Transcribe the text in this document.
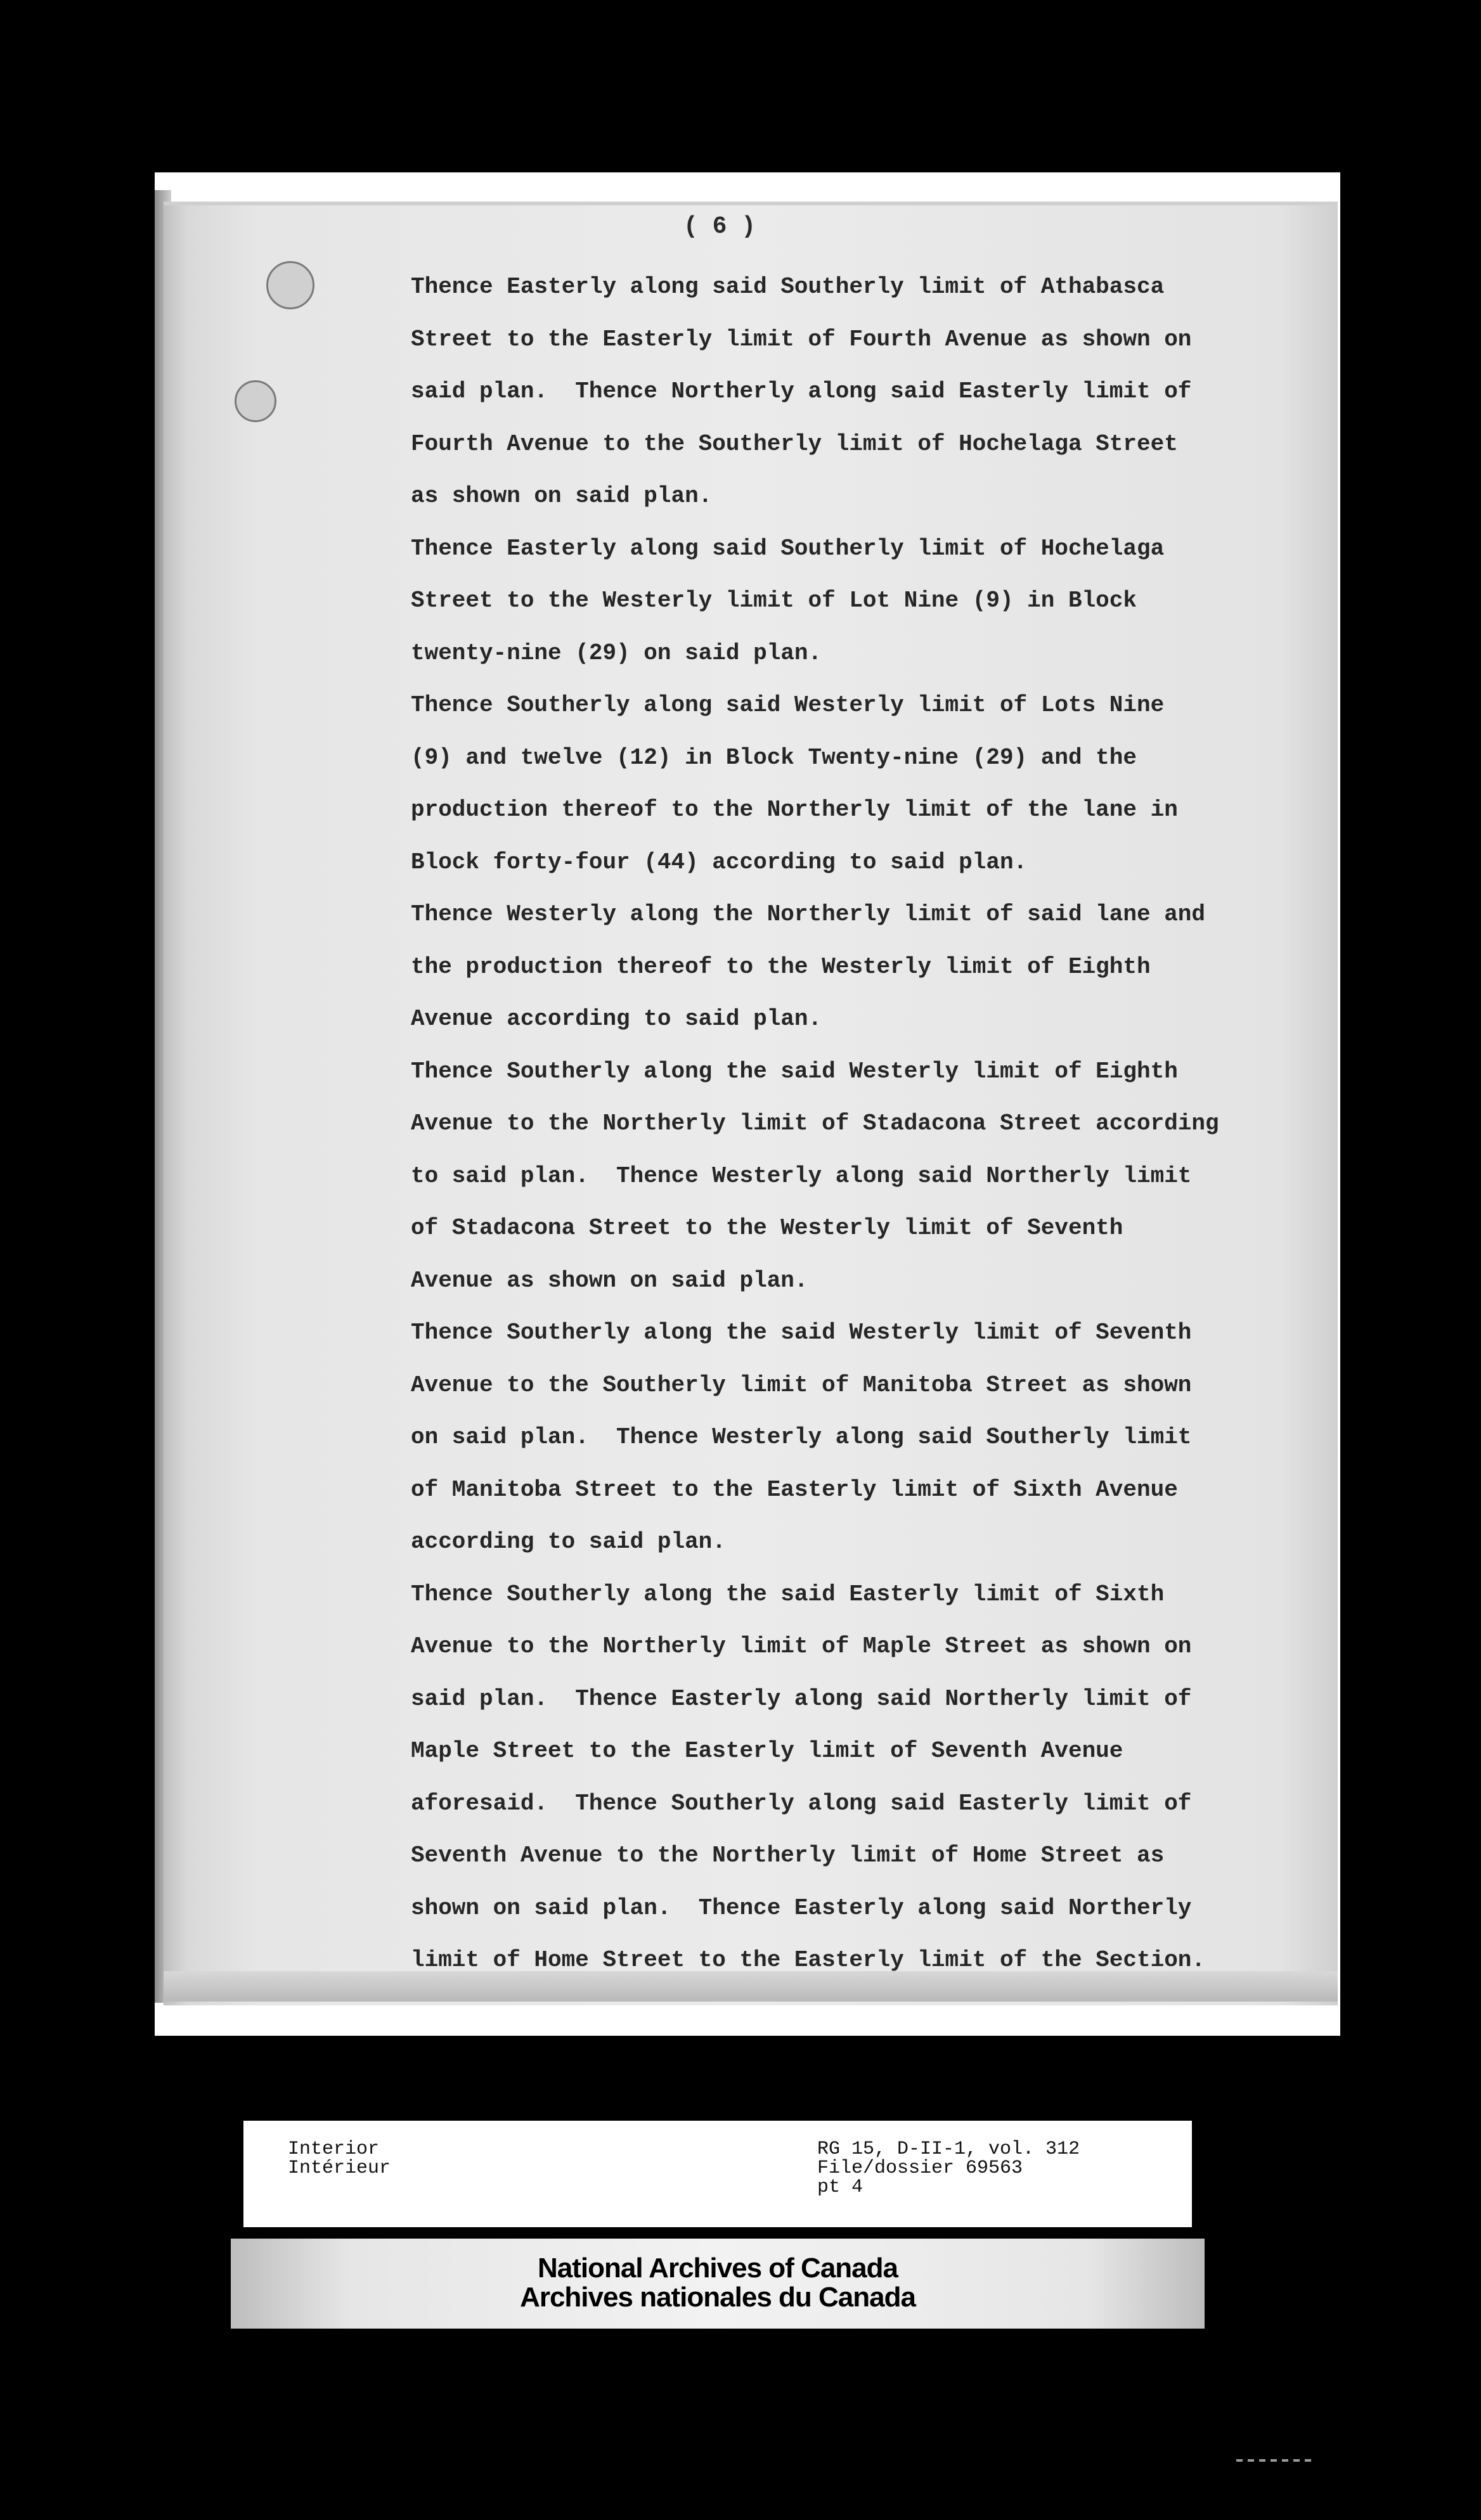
( 6 )
Thence Easterly along said Southerly limit of Athabasca
Street to the Easterly limit of Fourth Avenue as shown on
said plan.  Thence Northerly along said Easterly limit of
Fourth Avenue to the Southerly limit of Hochelaga Street
as shown on said plan.
Thence Easterly along said Southerly limit of Hochelaga
Street to the Westerly limit of Lot Nine (9) in Block
twenty-nine (29) on said plan.
Thence Southerly along said Westerly limit of Lots Nine
(9) and twelve (12) in Block Twenty-nine (29) and the
production thereof to the Northerly limit of the lane in
Block forty-four (44) according to said plan.
Thence Westerly along the Northerly limit of said lane and
the production thereof to the Westerly limit of Eighth
Avenue according to said plan.
Thence Southerly along the said Westerly limit of Eighth
Avenue to the Northerly limit of Stadacona Street according
to said plan.  Thence Westerly along said Northerly limit
of Stadacona Street to the Westerly limit of Seventh
Avenue as shown on said plan.
Thence Southerly along the said Westerly limit of Seventh
Avenue to the Southerly limit of Manitoba Street as shown
on said plan.  Thence Westerly along said Southerly limit
of Manitoba Street to the Easterly limit of Sixth Avenue
according to said plan.
Thence Southerly along the said Easterly limit of Sixth
Avenue to the Northerly limit of Maple Street as shown on
said plan.  Thence Easterly along said Northerly limit of
Maple Street to the Easterly limit of Seventh Avenue
aforesaid.  Thence Southerly along said Easterly limit of
Seventh Avenue to the Northerly limit of Home Street as
shown on said plan.  Thence Easterly along said Northerly
limit of Home Street to the Easterly limit of the Section.
Interior
Intérieur
RG 15, D-II-1, vol. 312
File/dossier 69563
pt 4
National Archives of Canada
Archives nationales du Canada
